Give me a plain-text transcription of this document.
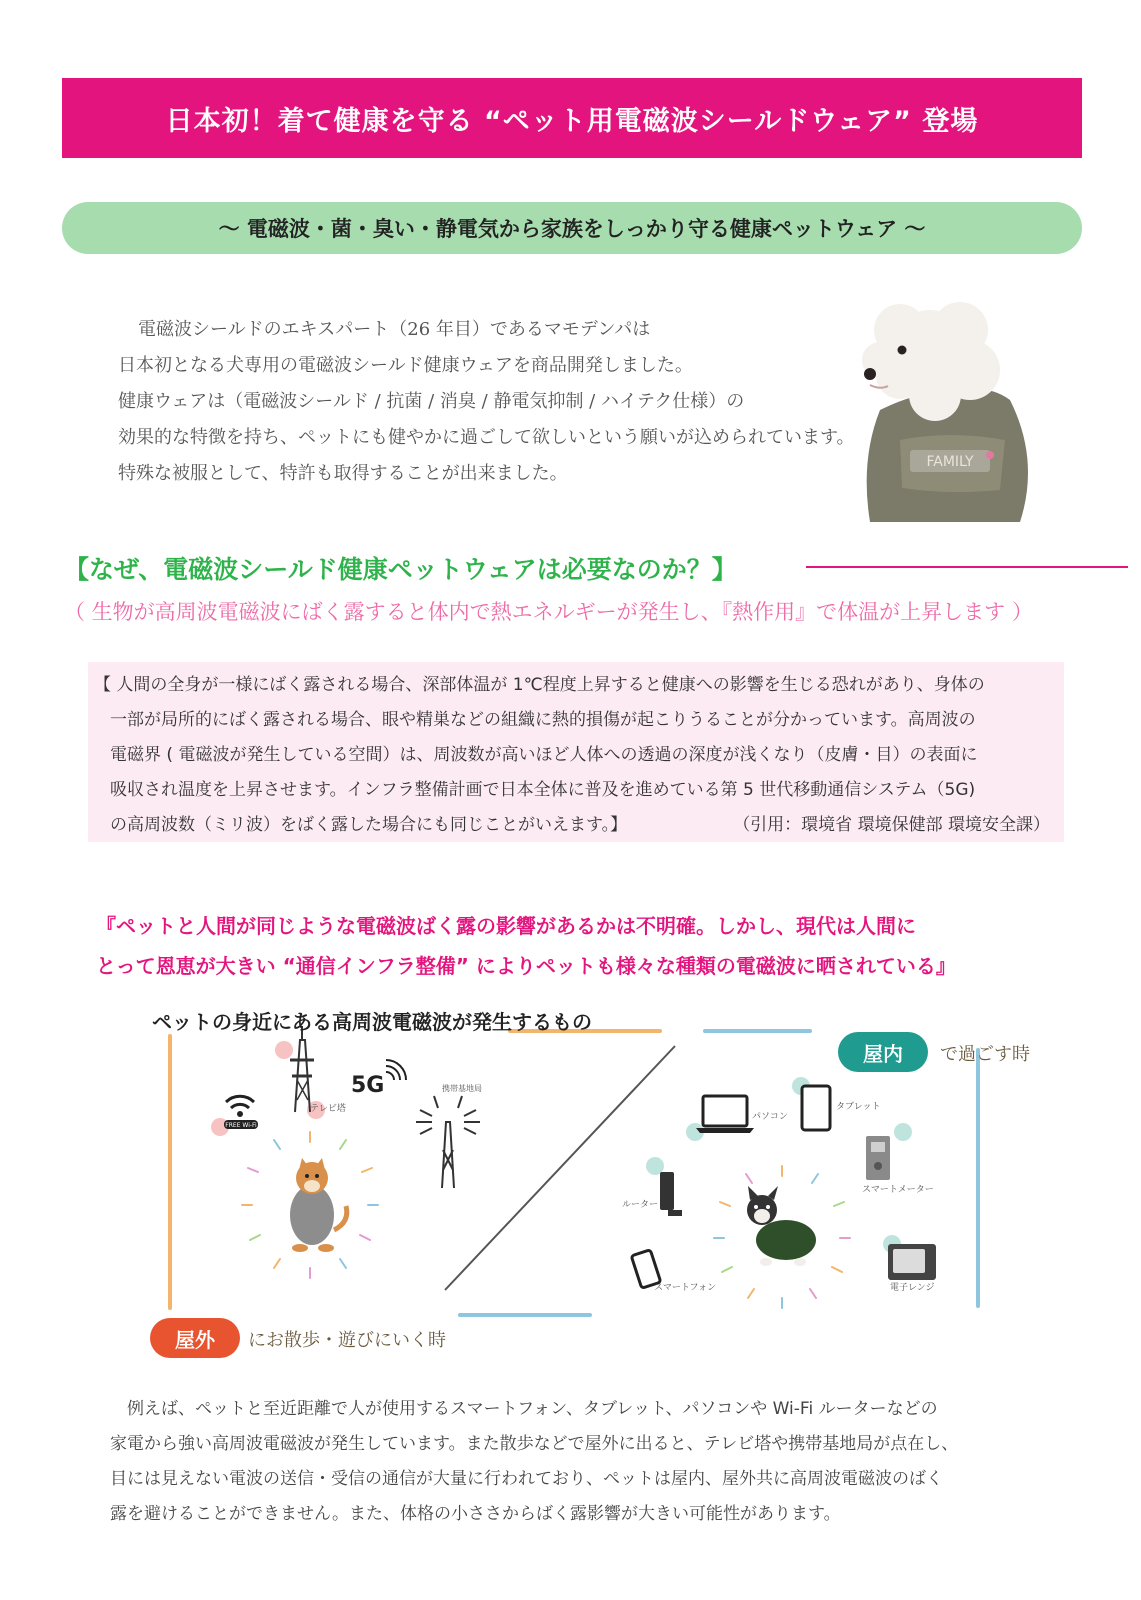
日本初！着て健康を守る “ペット用電磁波シールドウェア” 登場
～ 電磁波・菌・臭い・静電気から家族をしっかり守る健康ペットウェア ～

電磁波シールドのエキスパート（26 年目）であるマモデンパは

日本初となる犬専用の電磁波シールド健康ウェアを商品開発しました。

健康ウェアは（電磁波シールド / 抗菌 / 消臭 / 静電気抑制 / ハイテク仕様）の

効果的な特徴を持ち、ペットにも健やかに過ごして欲しいという願いが込められています。

特殊な被服として、特許も取得することが出来ました。

FAMILY
【なぜ、電磁波シールド健康ペットウェアは必要なのか？】
（ 生物が高周波電磁波にばく露すると体内で熱エネルギーが発生し、『熱作用』で体温が上昇します ）
【 人間の全身が一様にばく露される場合、深部体温が 1℃程度上昇すると健康への影響を生じる恐れがあり、身体の
一部が局所的にばく露される場合、眼や精巣などの組織に熱的損傷が起こりうることが分かっています。高周波の
電磁界 ( 電磁波が発生している空間）は、周波数が高いほど人体への透過の深度が浅くなり（皮膚・目）の表面に
吸収され温度を上昇させます。インフラ整備計画で日本全体に普及を進めている第 5 世代移動通信システム（5G)
の高周波数（ミリ波）をばく露した場合にも同じことがいえます。】	（引用：環境省 環境保健部 環境安全課）
『ペットと人間が同じような電磁波ばく露の影響があるかは不明確。しかし、現代は人間に
とって恩恵が大きい “通信インフラ整備” によりペットも様々な種類の電磁波に晒されている』
FREE Wi-Fi
テレビ塔
5G	携帯基地局
パソコン
タブレット
スマートメーター
ルーター
スマートフォン	電子レンジ
ペットの身近にある高周波電磁波が発生するもの
屋内	で過ごす時
屋外	にお散歩・遊びにいく時

例えば、ペットと至近距離で人が使用するスマートフォン、タブレット、パソコンや Wi-Fi ルーターなどの

家電から強い高周波電磁波が発生しています。また散歩などで屋外に出ると、テレビ塔や携帯基地局が点在し、
目には見えない電波の送信・受信の通信が大量に行われており、ペットは屋内、屋外共に高周波電磁波のばく
露を避けることができません。また、体格の小ささからばく露影響が大きい可能性があります。
